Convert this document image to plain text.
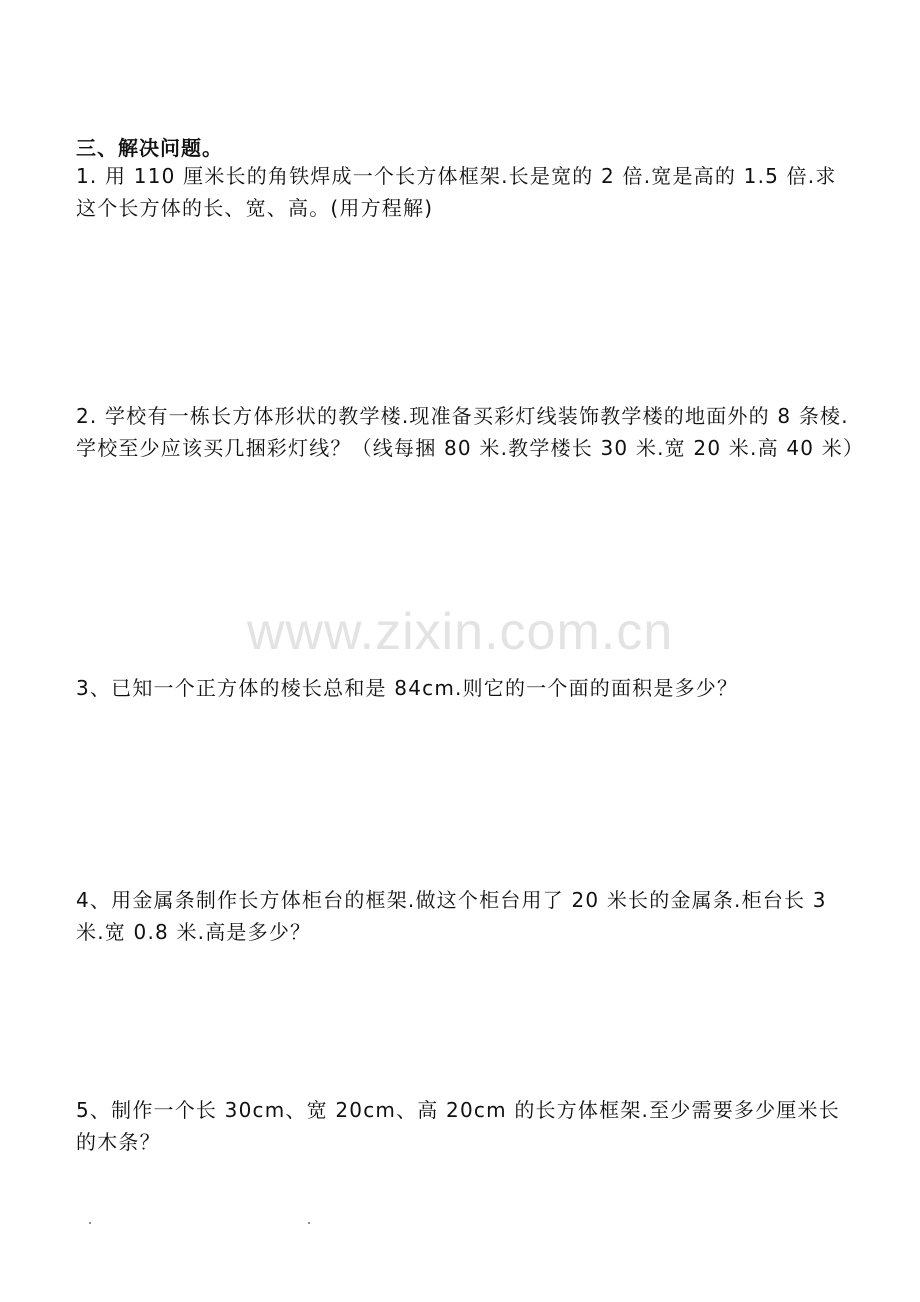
三、解决问题。
1. 用 110 厘米长的角铁焊成一个长方体框架.长是宽的 2 倍.宽是高的 1.5 倍.求这个长方体的长、宽、高。(用方程解)
2. 学校有一栋长方体形状的教学楼.现准备买彩灯线装饰教学楼的地面外的 8 条棱.学校至少应该买几捆彩灯线？（线每捆 80 米.教学楼长 30 米.宽 20 米.高 40 米）
www.zixin.com.cn
3、已知一个正方体的棱长总和是 84cm.则它的一个面的面积是多少？
4、用金属条制作长方体柜台的框架.做这个柜台用了 20 米长的金属条.柜台长 3 米.宽 0.8 米.高是多少？
5、制作一个长 30cm、宽 20cm、高 20cm 的长方体框架.至少需要多少厘米长的木条？
